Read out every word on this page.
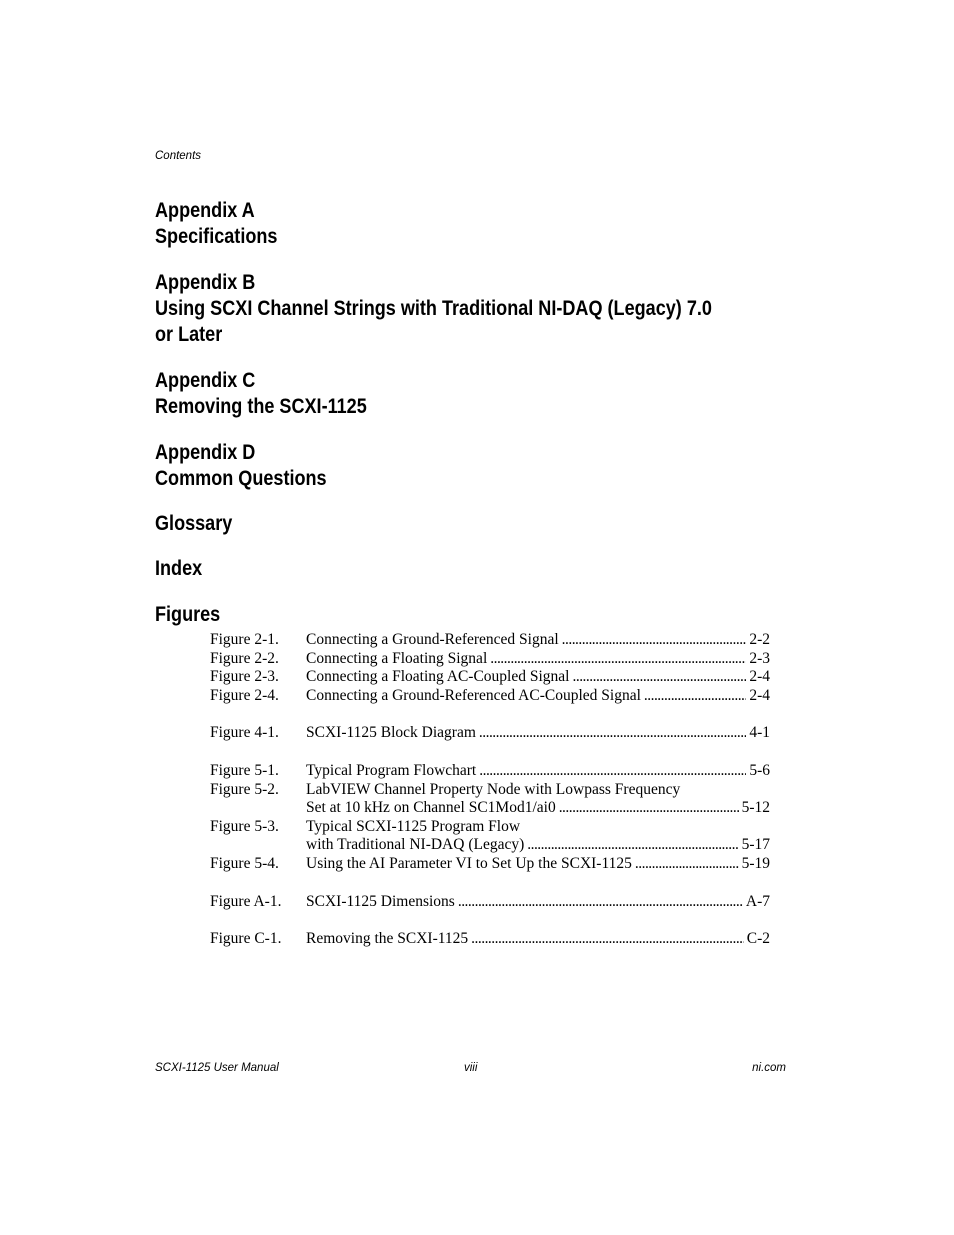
Contents
Appendix A
Specifications
Appendix B
Using SCXI Channel Strings with Traditional NI-DAQ (Legacy) 7.0
or Later
Appendix C
Removing the SCXI-1125
Appendix D
Common Questions
Glossary
Index
Figures
Figure 2-1. Connecting a Ground-Referenced Signal . . .	2-2
Figure 2-2. Connecting a Floating Signal . . .	2-3
Figure 2-3. Connecting a Floating AC-Coupled Signal . . .	2-4
Figure 2-4. Connecting a Ground-Referenced AC-Coupled Signal . . .	2-4
Figure 4-1. SCXI-1125 Block Diagram . . .	4-1
Figure 5-1. Typical Program Flowchart . . .	5-6
Figure 5-2. LabVIEW Channel Property Node with Lowpass Frequency
Set at 10 kHz on Channel SC1Mod1/ai0 . . .	5-12
Figure 5-3. Typical SCXI-1125 Program Flow
with Traditional NI-DAQ (Legacy) . . .	5-17
Figure 5-4. Using the AI Parameter VI to Set Up the SCXI-1125 . . .	5-19
Figure A-1. SCXI-1125 Dimensions . . .	A-7
Figure C-1. Removing the SCXI-1125 . . .	C-2
SCXI-1125 User Manual	viii	ni.com
